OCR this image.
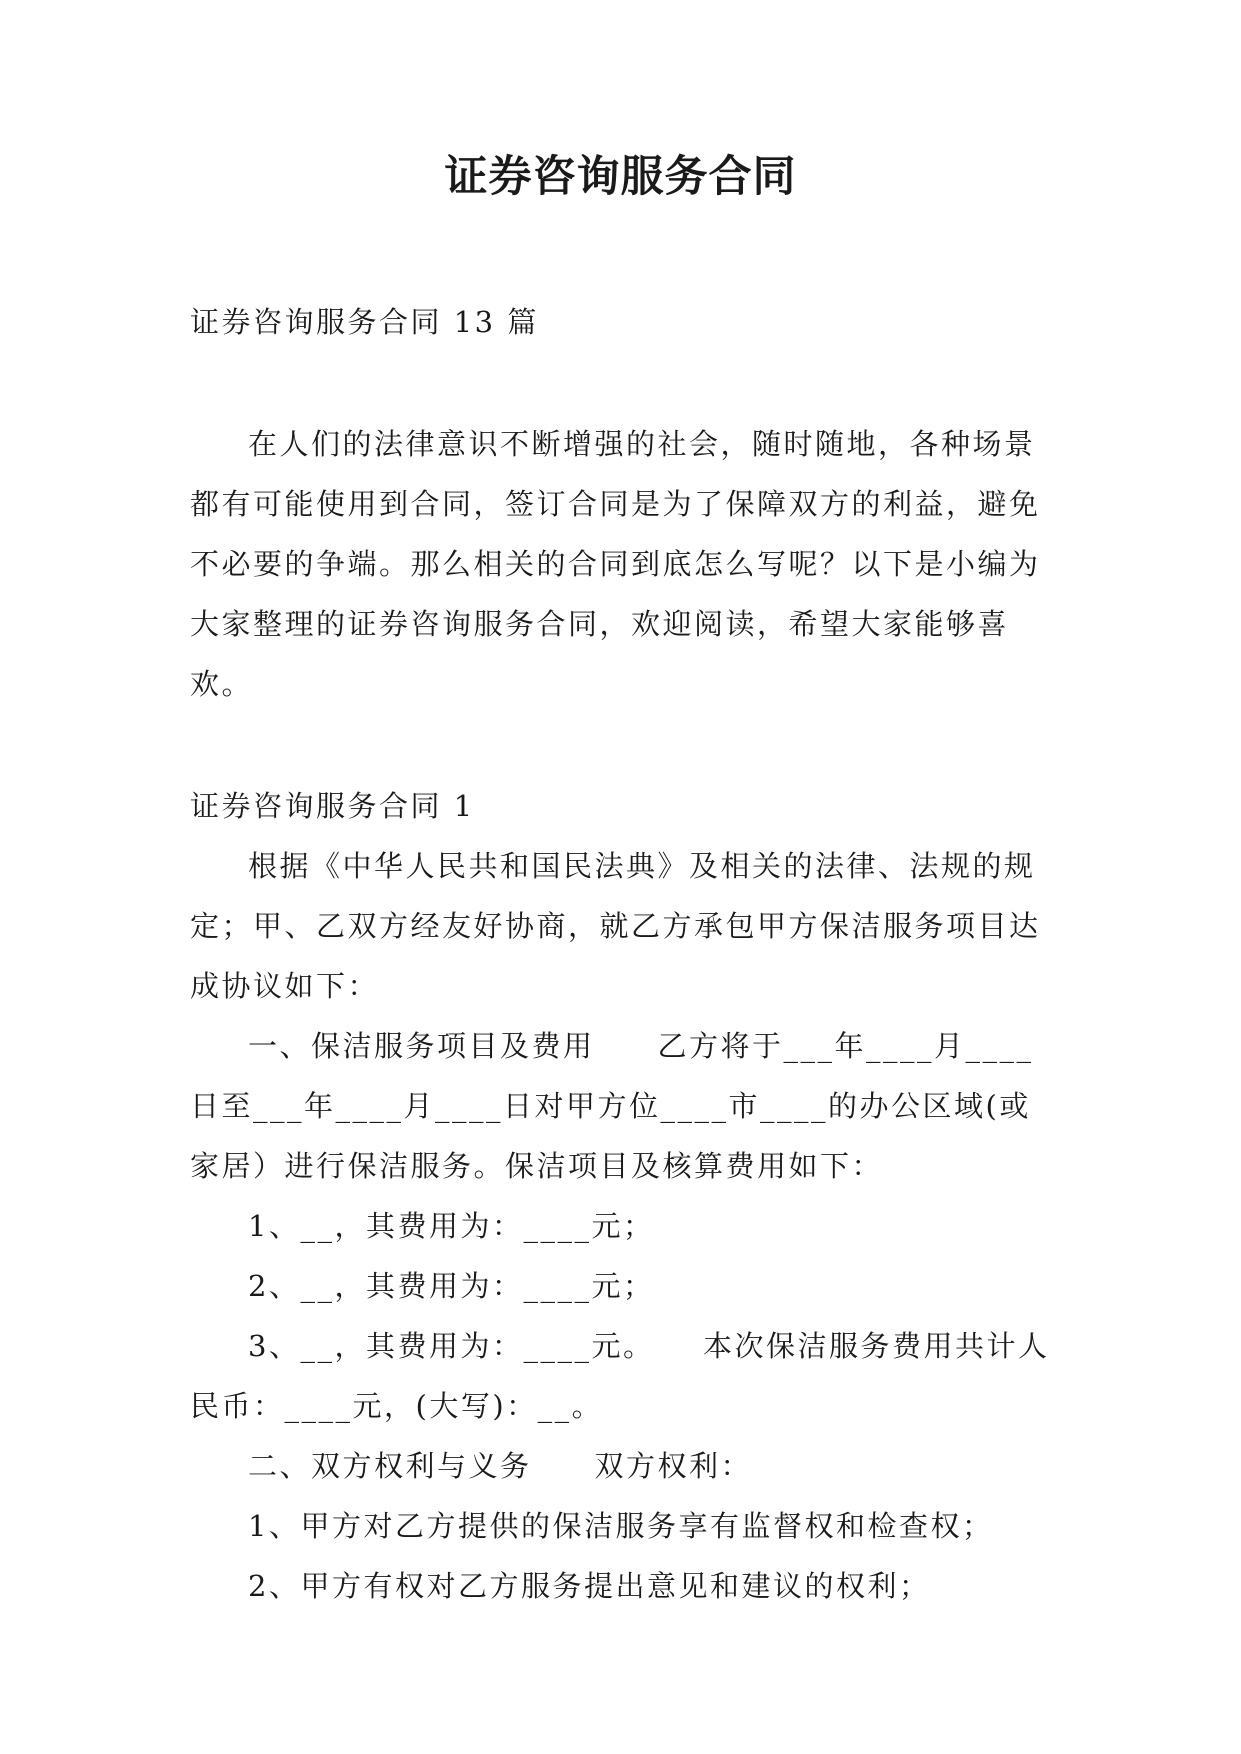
证券咨询服务合同

证券咨询服务合同 13 篇

在人们的法律意识不断增强的社会，随时随地，各种场景都有可能使用到合同，签订合同是为了保障双方的利益，避免不必要的争端。那么相关的合同到底怎么写呢？以下是小编为大家整理的证券咨询服务合同，欢迎阅读，希望大家能够喜欢。

证券咨询服务合同 1

根据《中华人民共和国民法典》及相关的法律、法规的规定；甲、乙双方经友好协商，就乙方承包甲方保洁服务项目达成协议如下：

一、保洁服务项目及费用　　乙方将于___年____月____日至___年____月____日对甲方位____市____的办公区域(或家居）进行保洁服务。保洁项目及核算费用如下：

1、__，其费用为：____元；

2、__，其费用为：____元；

3、__，其费用为：____元。　　本次保洁服务费用共计人民币：____元，(大写)：__。

二、双方权利与义务　　双方权利：

1、甲方对乙方提供的保洁服务享有监督权和检查权；

2、甲方有权对乙方服务提出意见和建议的权利；
